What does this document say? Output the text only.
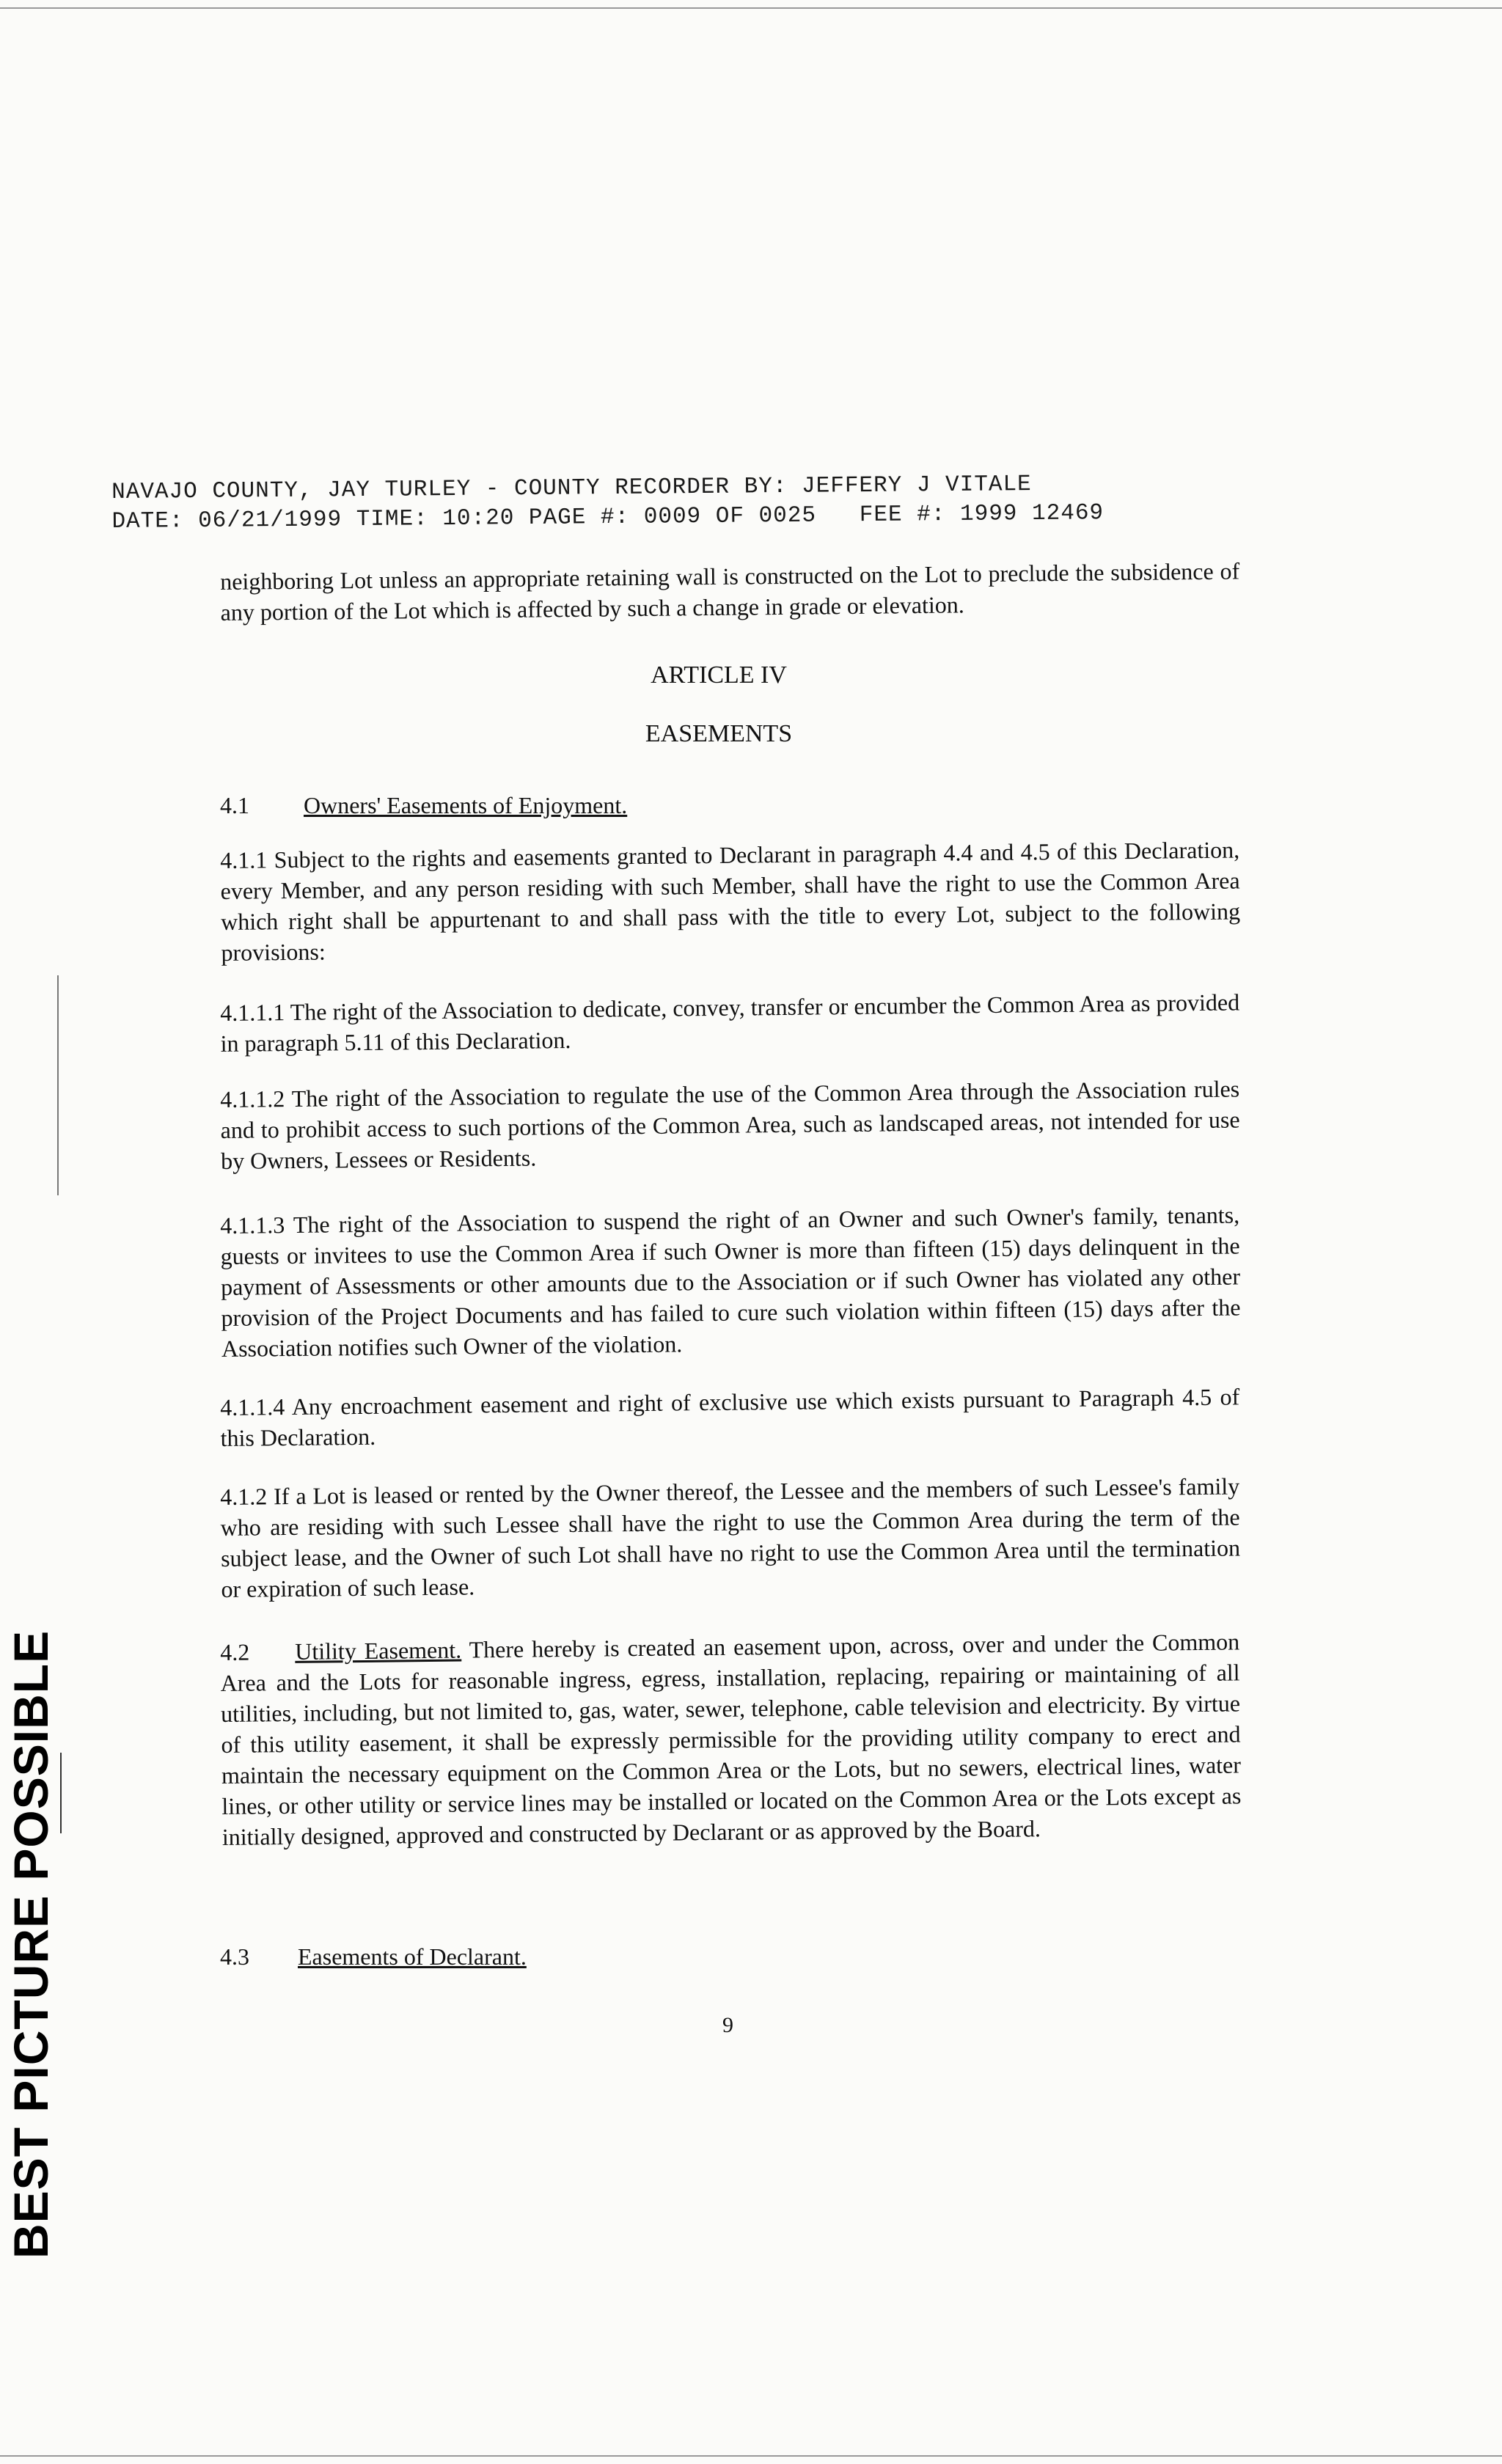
NAVAJO COUNTY, JAY TURLEY - COUNTY RECORDER BY: JEFFERY J VITALE
DATE: 06/21/1999 TIME: 10:20 PAGE #: 0009 OF 0025   FEE #: 1999 12469
neighboring Lot unless an appropriate retaining wall is constructed on the Lot to preclude the subsidence of any portion of the Lot which is affected by such a change in grade or elevation.
ARTICLE IV
EASEMENTS
4.1 Owners' Easements of Enjoyment.
4.1.1 Subject to the rights and easements granted to Declarant in paragraph 4.4 and 4.5 of this Declaration, every Member, and any person residing with such Member, shall have the right to use the Common Area which right shall be appurtenant to and shall pass with the title to every Lot, subject to the following provisions:
4.1.1.1 The right of the Association to dedicate, convey, transfer or encumber the Common Area as provided in paragraph 5.11 of this Declaration.
4.1.1.2 The right of the Association to regulate the use of the Common Area through the Association rules and to prohibit access to such portions of the Common Area, such as landscaped areas, not intended for use by Owners, Lessees or Residents.
4.1.1.3 The right of the Association to suspend the right of an Owner and such Owner's family, tenants, guests or invitees to use the Common Area if such Owner is more than fifteen (15) days delinquent in the payment of Assessments or other amounts due to the Association or if such Owner has violated any other provision of the Project Documents and has failed to cure such violation within fifteen (15) days after the Association notifies such Owner of the violation.
4.1.1.4 Any encroachment easement and right of exclusive use which exists pursuant to Paragraph 4.5 of this Declaration.
4.1.2 If a Lot is leased or rented by the Owner thereof, the Lessee and the members of such Lessee's family who are residing with such Lessee shall have the right to use the Common Area during the term of the subject lease, and the Owner of such Lot shall have no right to use the Common Area until the termination or expiration of such lease.
4.2 Utility Easement. There hereby is created an easement upon, across, over and under the Common Area and the Lots for reasonable ingress, egress, installation, replacing, repairing or maintaining of all utilities, including, but not limited to, gas, water, sewer, telephone, cable television and electricity. By virtue of this utility easement, it shall be expressly permissible for the providing utility company to erect and maintain the necessary equipment on the Common Area or the Lots, but no sewers, electrical lines, water lines, or other utility or service lines may be installed or located on the Common Area or the Lots except as initially designed, approved and constructed by Declarant or as approved by the Board.
4.3 Easements of Declarant.
9
BEST PICTURE POSSIBLE
